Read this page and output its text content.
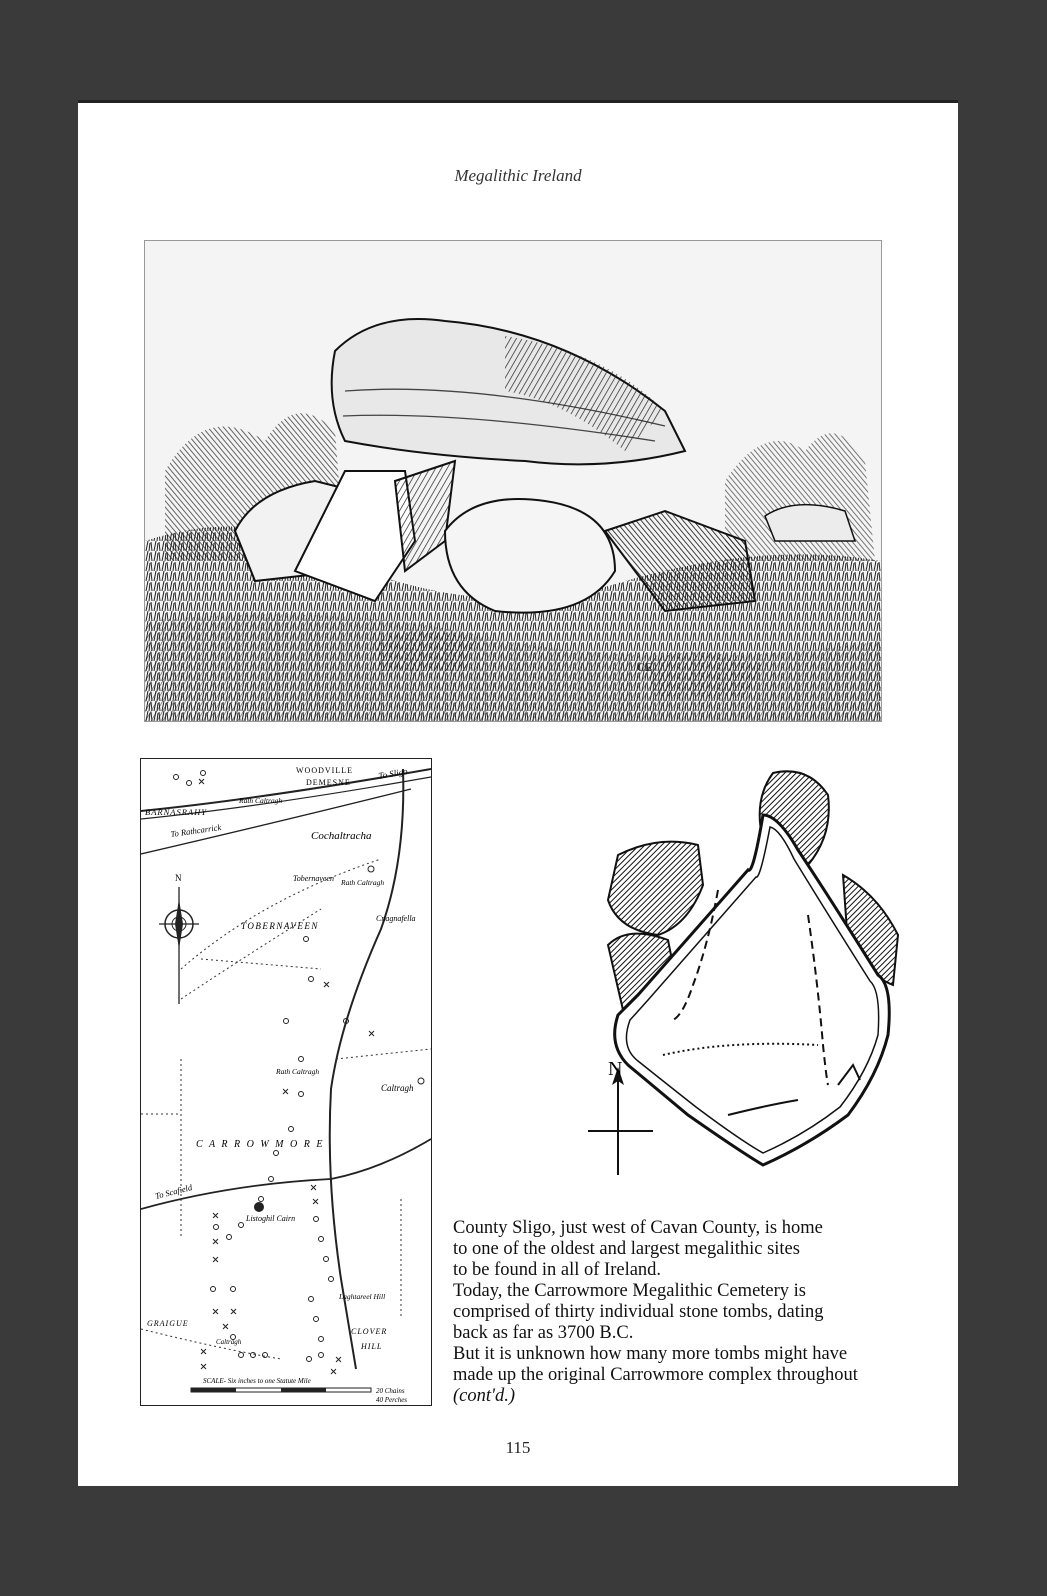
Megalithic Ireland
CE
N
WOODVILLE
DEMESNE
To Sligo
BARNASRAHY
Rath Caltragh
To Rathcarrick	Cochaltracha
Tobernaveen Rath Caltragh
TOBERNAVEEN
Cnagnafella
Rath Caltragh
Caltragh
C A R R O W M O R E
To Scafield
Listoghil Cairn
GRAIGUE
Caltragh
CLOVER
HILL
Laghtareel Hill
SCALE- Six inches to one Statute Mile
20 Chains
40 Perches
N

County Sligo, just west of Cavan County, is home

to one of the oldest and largest megalithic sites

to be found in all of Ireland.

Today, the Carrowmore Megalithic Cemetery is

comprised of thirty individual stone tombs, dating

back as far as 3700 B.C.

But it is unknown how many more tombs might have

made up the original Carrowmore complex throughout

(cont'd.)

115
